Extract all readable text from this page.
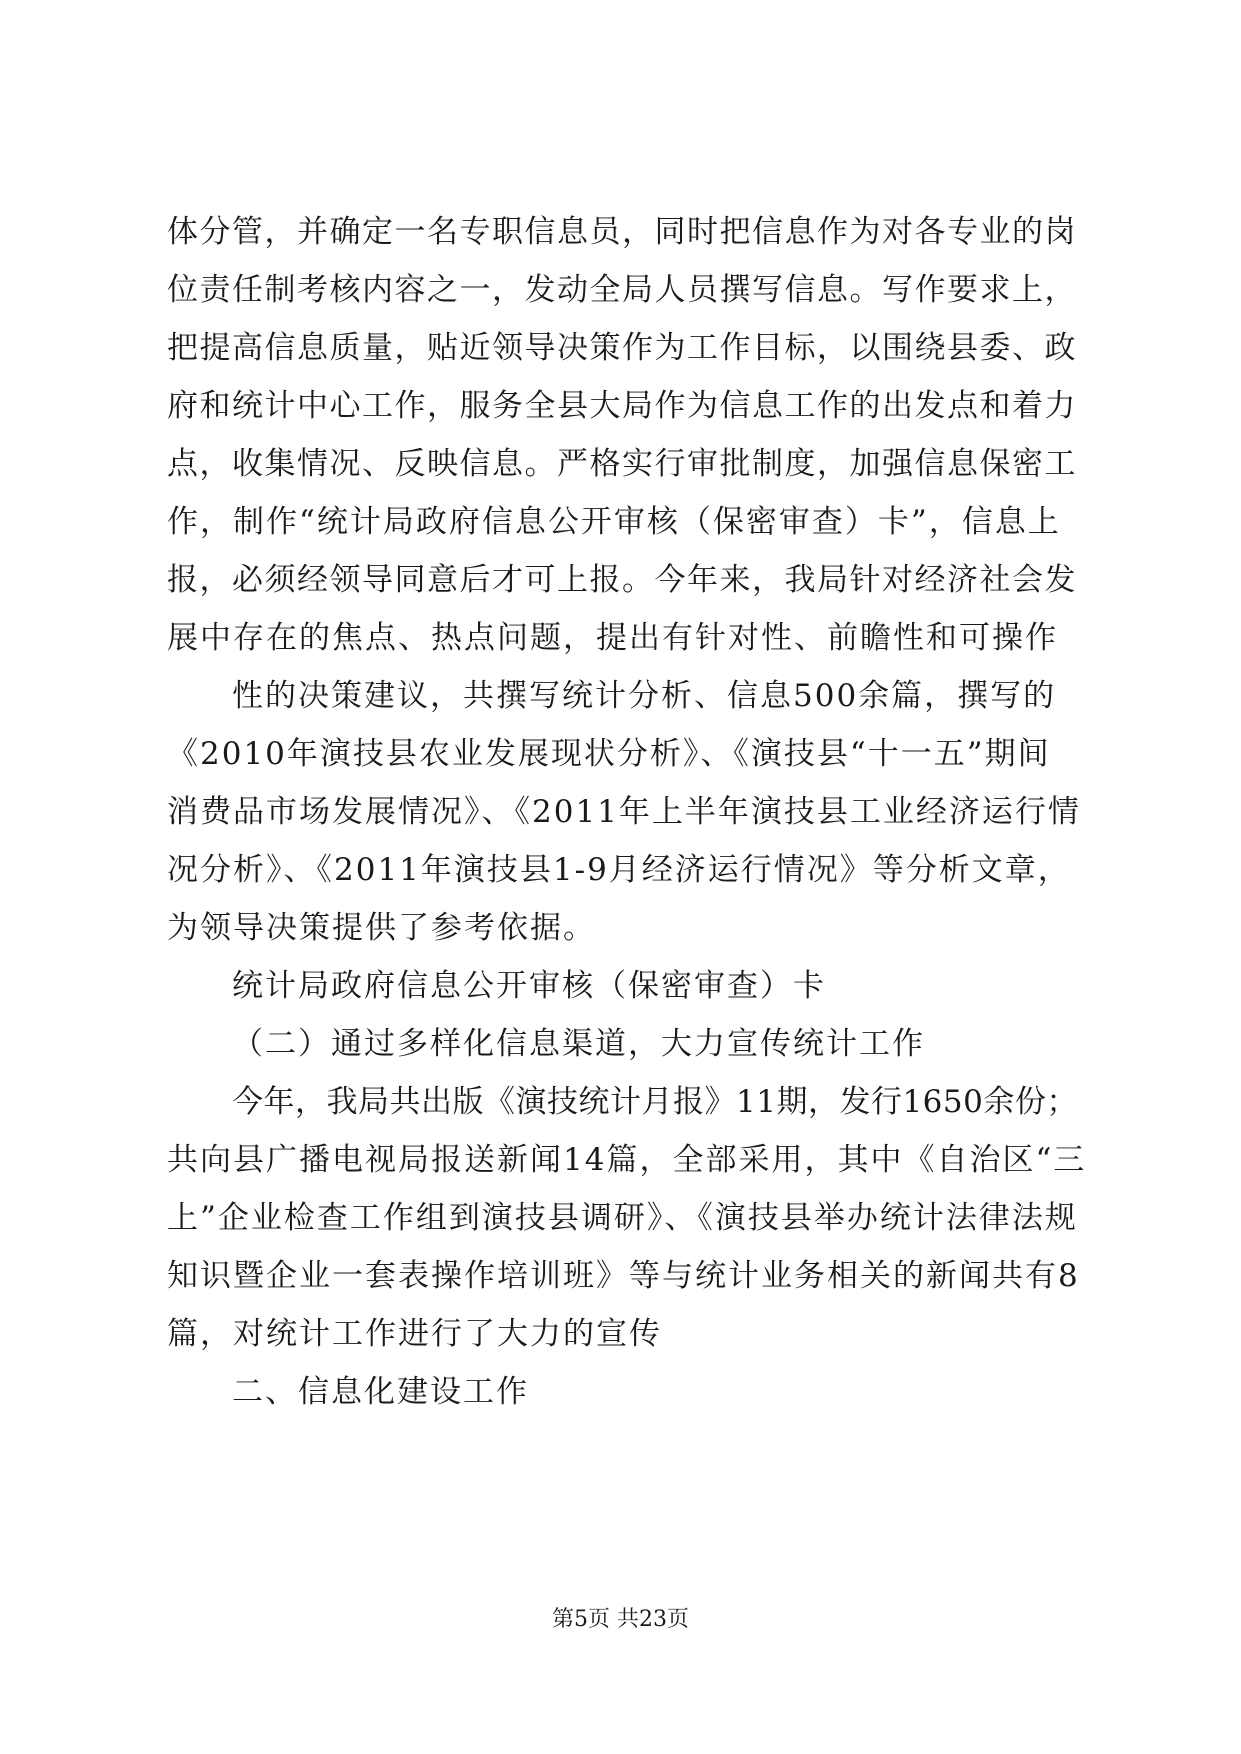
体分管，并确定一名专职信息员，同时把信息作为对各专业的岗
位责任制考核内容之一，发动全局人员撰写信息。写作要求上，
把提高信息质量，贴近领导决策作为工作目标，以围绕县委、政
府和统计中心工作，服务全县大局作为信息工作的出发点和着力
点，收集情况、反映信息。严格实行审批制度，加强信息保密工
作，制作“统计局政府信息公开审核（保密审查）卡”，信息上
报，必须经领导同意后才可上报。今年来，我局针对经济社会发
展中存在的焦点、热点问题，提出有针对性、前瞻性和可操作
性的决策建议，共撰写统计分析、信息500余篇，撰写的
《2010年演技县农业发展现状分析》、《演技县“十一五”期间
消费品市场发展情况》、《2011年上半年演技县工业经济运行情
况分析》、《2011年演技县1-9月经济运行情况》等分析文章，
为领导决策提供了参考依据。
统计局政府信息公开审核（保密审查）卡
（二）通过多样化信息渠道，大力宣传统计工作
今年，我局共出版《演技统计月报》11期，发行1650余份；
共向县广播电视局报送新闻14篇，全部采用，其中《自治区“三
上”企业检查工作组到演技县调研》、《演技县举办统计法律法规
知识暨企业一套表操作培训班》等与统计业务相关的新闻共有8
篇，对统计工作进行了大力的宣传
二、信息化建设工作
第5页 共23页
